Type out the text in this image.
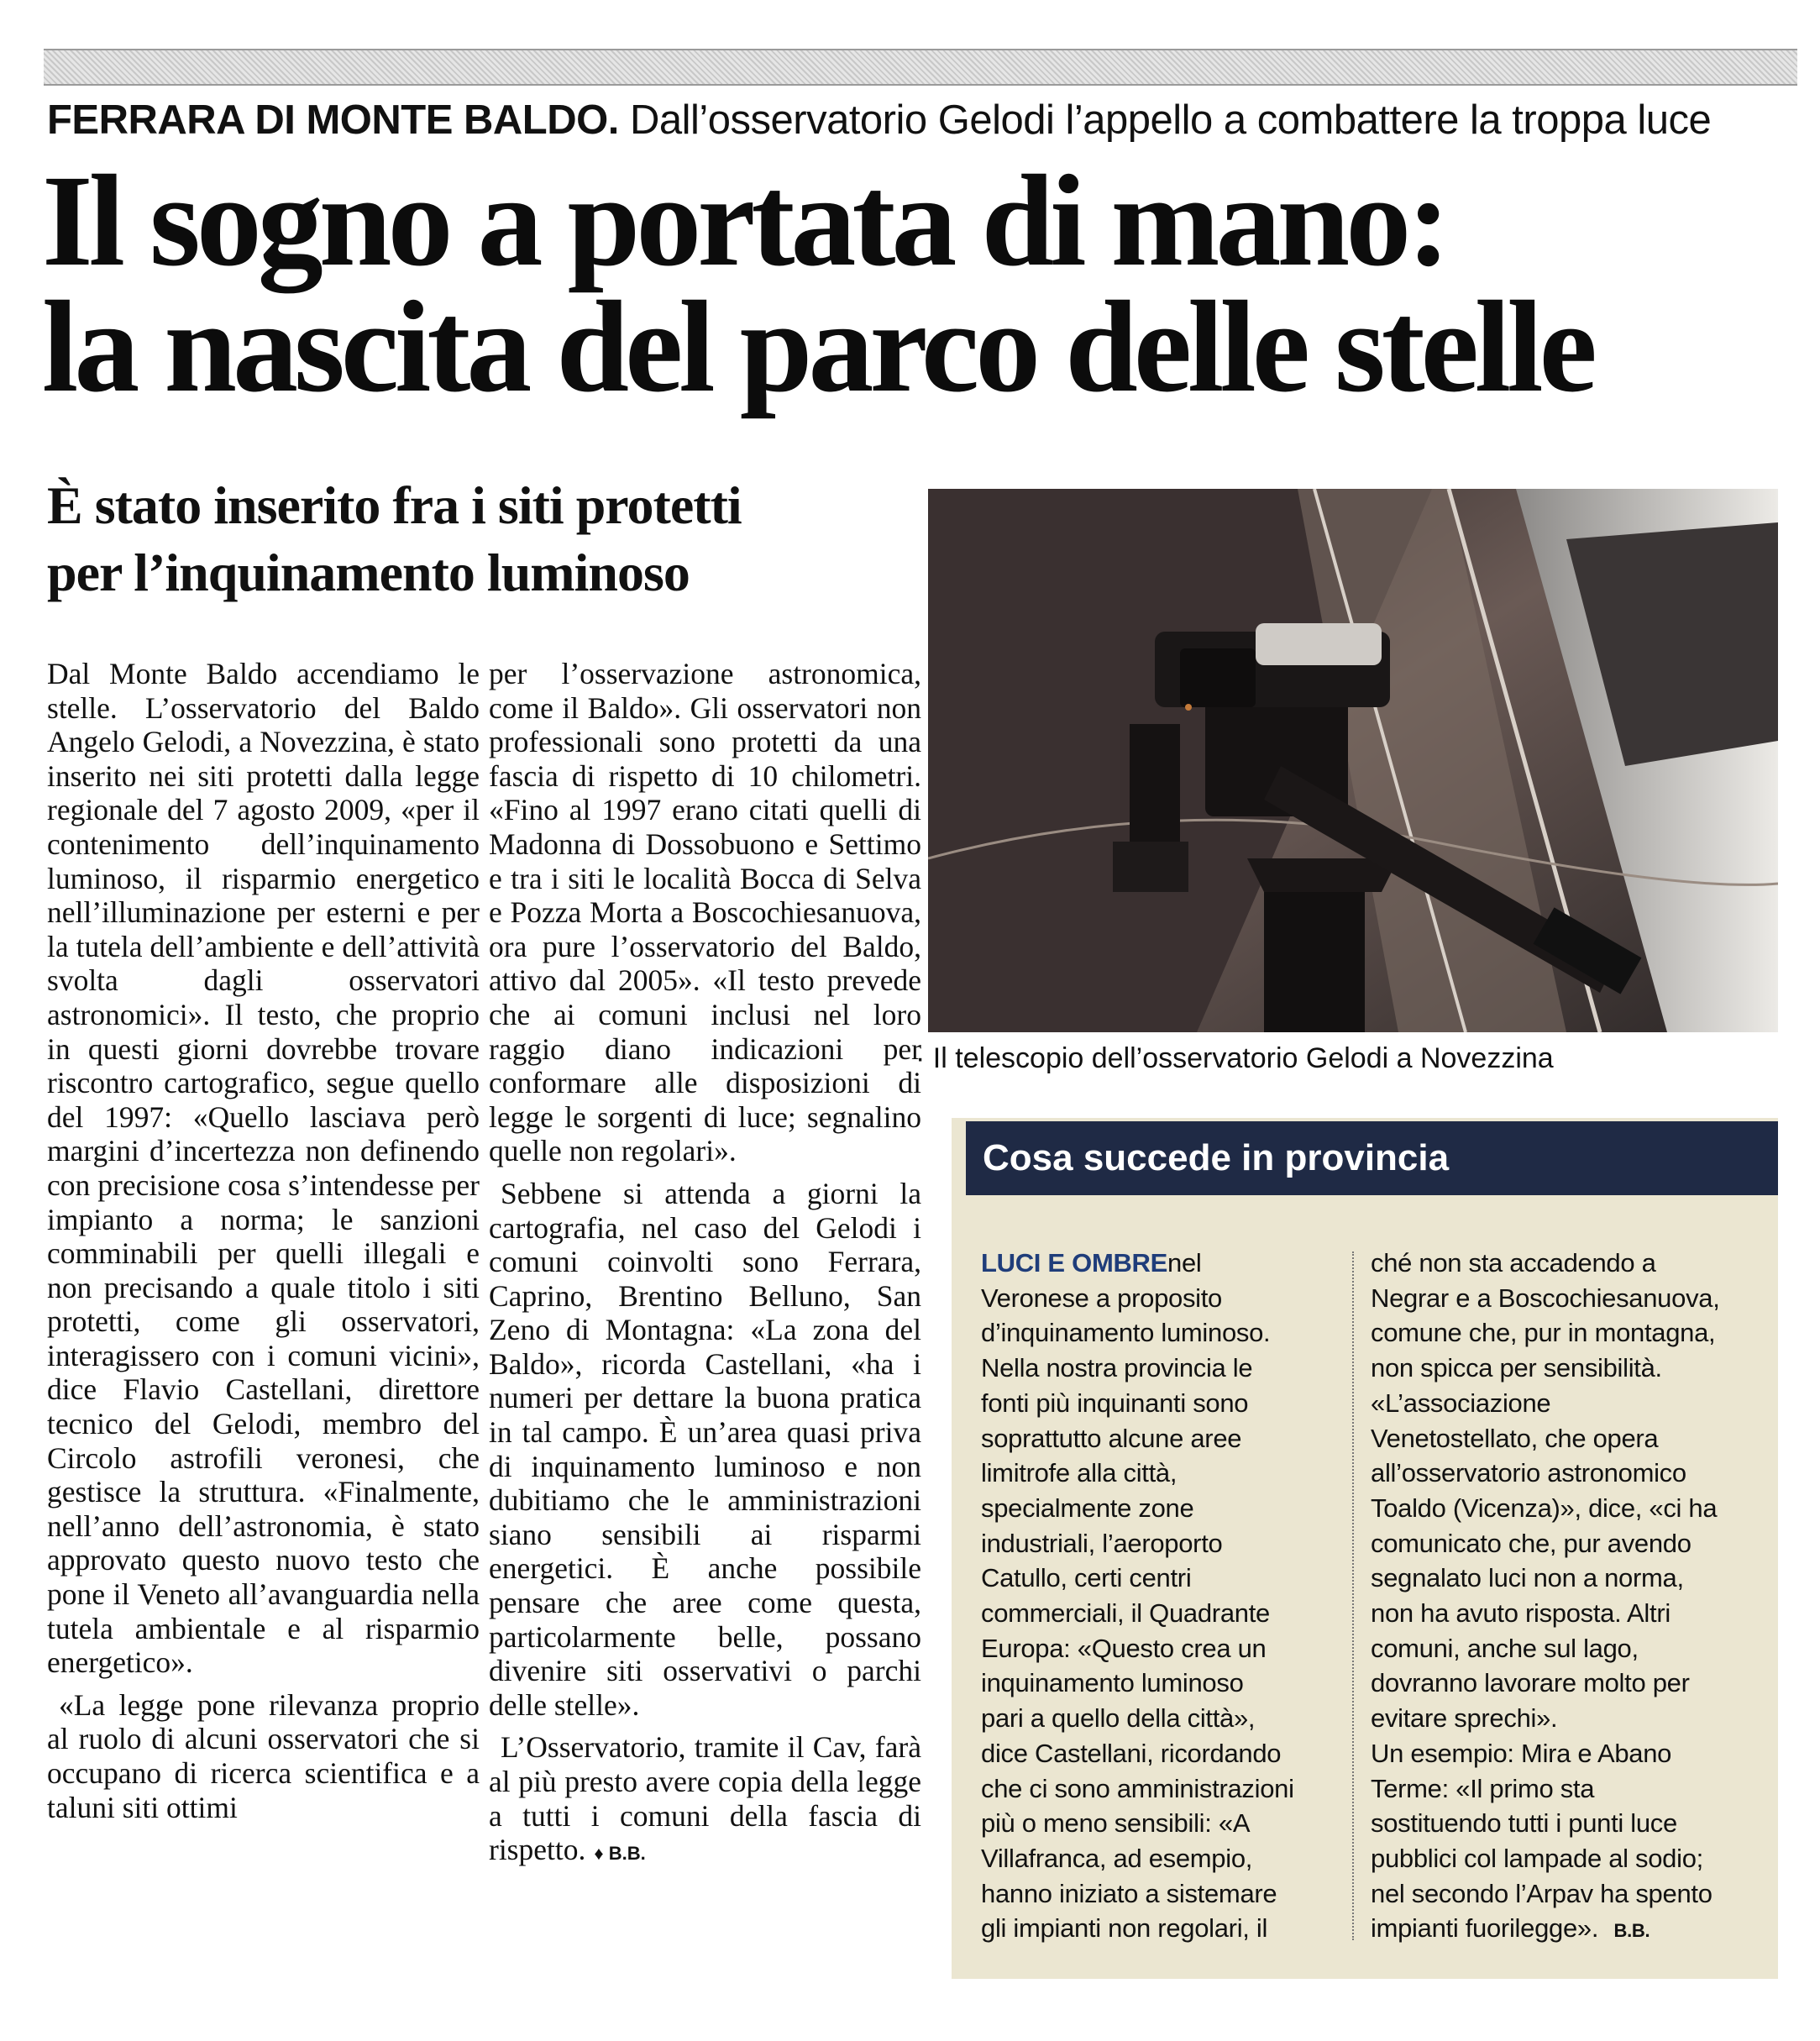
FERRARA DI MONTE BALDO. Dall’osservatorio Gelodi l’appello a combattere la troppa luce
Il sogno a portata di mano:
la nascita del parco delle stelle
È stato inserito fra i siti protetti
per l’inquinamento luminoso

Dal Monte Baldo accendiamo le stelle. L’osservatorio del Baldo Angelo Gelodi, a Novezzina, è stato inserito nei siti protetti dalla legge regionale del 7 agosto 2009, «per il contenimento dell’inquinamento luminoso, il risparmio energetico nell’illuminazione per esterni e per la tutela dell’ambiente e dell’attività svolta dagli osservatori astronomici». Il testo, che proprio in questi giorni dovrebbe trovare riscontro cartografico, segue quello del 1997: «Quello lasciava però margini d’incertezza non definendo con precisione cosa s’intendesse per impianto a norma; le sanzioni comminabili per quelli illegali e non precisando a quale titolo i siti protetti, come gli osservatori, interagissero con i comuni vicini», dice Flavio Castellani, direttore tecnico del Gelodi, membro del Circolo astrofili veronesi, che gestisce la struttura. «Finalmente, nell’anno dell’astronomia, è stato approvato questo nuovo testo che pone il Veneto all’avanguardia nella tutela ambientale e al risparmio energetico».

«La legge pone rilevanza proprio al ruolo di alcuni osservatori che si occupano di ricerca scientifica e a taluni siti ottimi

per l’osservazione astronomica, come il Baldo». Gli osservatori non professionali sono protetti da una fascia di rispetto di 10 chilometri. «Fino al 1997 erano citati quelli di Madonna di Dossobuono e Settimo e tra i siti le località Bocca di Selva e Pozza Morta a Boscochiesanuova, ora pure l’osservatorio del Baldo, attivo dal 2005». «Il testo prevede che ai comuni inclusi nel loro raggio diano indicazioni per conformare alle disposizioni di legge le sorgenti di luce; segnalino quelle non regolari».

Sebbene si attenda a giorni la cartografia, nel caso del Gelodi i comuni coinvolti sono Ferrara, Caprino, Brentino Belluno, San Zeno di Montagna: «La zona del Baldo», ricorda Castellani, «ha i numeri per dettare la buona pratica in tal campo. È un’area quasi priva di inquinamento luminoso e non dubitiamo che le amministrazioni siano sensibili ai risparmi energetici. È anche possibile pensare che aree come questa, particolarmente belle, possano divenire siti osservativi o parchi delle stelle».

L’Osservatorio, tramite il Cav, farà al più presto avere copia della legge a tutti i comuni della fascia di rispetto. ♦ B.B.

· Il telescopio dell’osservatorio Gelodi a Novezzina
Cosa succede in provincia
LUCI E OMBREnel
Veronese a proposito
d’inquinamento luminoso.
Nella nostra provincia le
fonti più inquinanti sono
soprattutto alcune aree
limitrofe alla città,
specialmente zone
industriali, l’aeroporto
Catullo, certi centri
commerciali, il Quadrante
Europa: «Questo crea un
inquinamento luminoso
pari a quello della città»,
dice Castellani, ricordando
che ci sono amministrazioni
più o meno sensibili: «A
Villafranca, ad esempio,
hanno iniziato a sistemare
gli impianti non regolari, il
ché non sta accadendo a
Negrar e a Boscochiesanuova,
comune che, pur in montagna,
non spicca per sensibilità.
«L’associazione
Venetostellato, che opera
all’osservatorio astronomico
Toaldo (Vicenza)», dice, «ci ha
comunicato che, pur avendo
segnalato luci non a norma,
non ha avuto risposta. Altri
comuni, anche sul lago,
dovranno lavorare molto per
evitare sprechi».
Un esempio: Mira e Abano
Terme: «Il primo sta
sostituendo tutti i punti luce
pubblici col lampade al sodio;
nel secondo l’Arpav ha spento
impianti fuorilegge». B.B.
